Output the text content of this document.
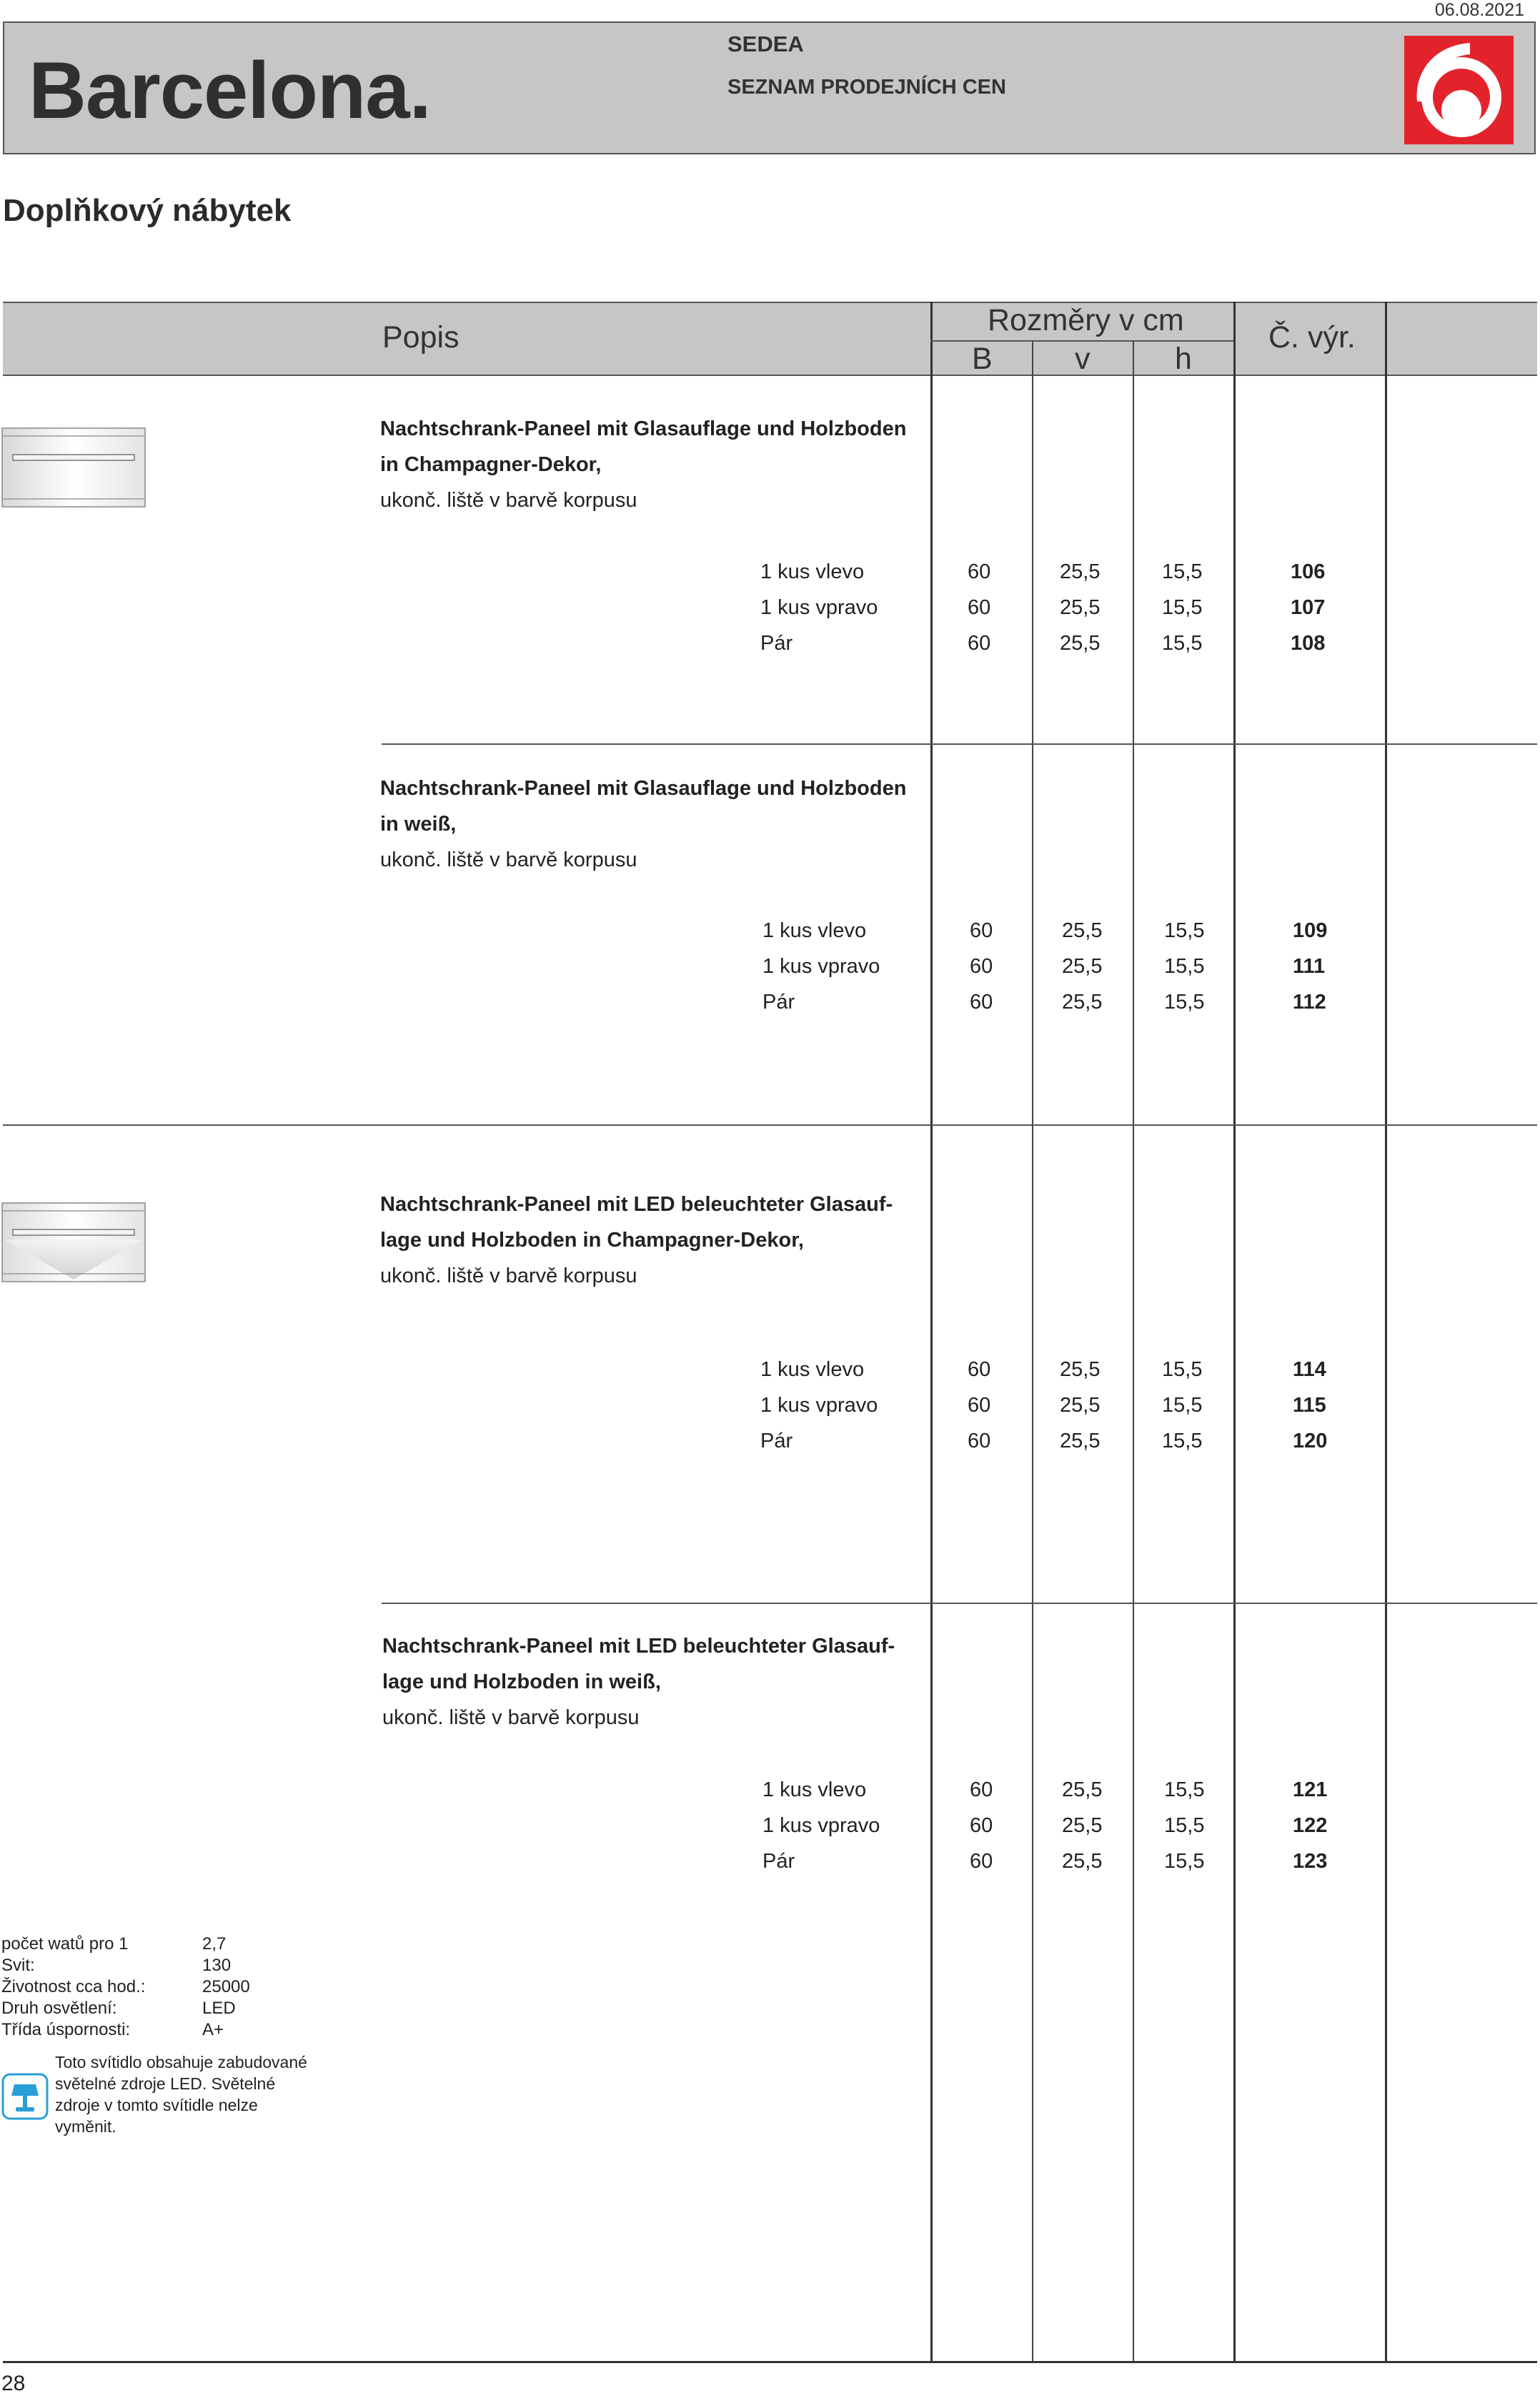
06.08.2021
Barcelona.
SEDEA
SEZNAM PRODEJNÍCH CEN
Doplňkový nábytek
Popis	Rozměry v cm
B	v	h
Č. výr.
Nachtschrank-Paneel mit Glasauflage und Holzboden
in Champagner-Dekor,
ukonč. liště v barvě korpusu
1 kus vlevo	60	25,5	15,5	106
1 kus vpravo	60	25,5	15,5	107
Pár	60	25,5	15,5	108
Nachtschrank-Paneel mit Glasauflage und Holzboden
in weiß,
ukonč. liště v barvě korpusu
1 kus vlevo	60	25,5	15,5	109
1 kus vpravo	60	25,5	15,5	111
Pár	60	25,5	15,5	112
Nachtschrank-Paneel mit LED beleuchteter Glasauf-
lage und Holzboden in Champagner-Dekor,
ukonč. liště v barvě korpusu
1 kus vlevo	60	25,5	15,5	114
1 kus vpravo	60	25,5	15,5	115
Pár	60	25,5	15,5	120
Nachtschrank-Paneel mit LED beleuchteter Glasauf-
lage und Holzboden in weiß,
ukonč. liště v barvě korpusu
1 kus vlevo	60	25,5	15,5	121
1 kus vpravo	60	25,5	15,5	122
Pár	60	25,5	15,5	123
počet watů pro 1	2,7
Svit:	130
Životnost cca hod.:	25000
Druh osvětlení:	LED
Třída úspornosti:	A+
Toto svítidlo obsahuje zabudované
světelné zdroje LED. Světelné
zdroje v tomto svítidle nelze
vyměnit.
28
